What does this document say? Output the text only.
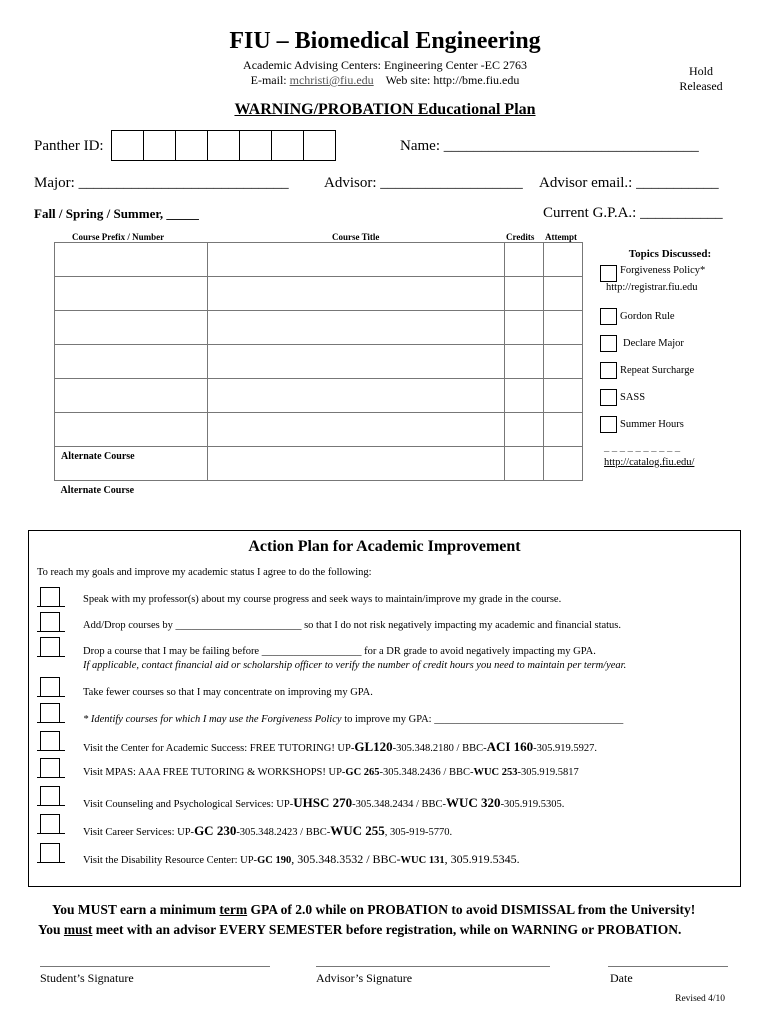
FIU – Biomedical Engineering
Academic Advising Centers: Engineering Center -EC 2763
E-mail: mchristi@fiu.edu Web site: http://bme.fiu.edu
Hold
Released
WARNING/PROBATION Educational Plan
Panther ID:	Name: __________________________________
Major: ____________________________ Advisor: ___________________ Advisor email.: ___________
Fall / Spring / Summer, _____	Current G.P.A.: ___________
Course Prefix / Number	Course Title	Credits Attempt

Alternate Course			
Alternate Course			
Topics Discussed:
Forgiveness Policy*
http://registrar.fiu.edu
Gordon Rule
Declare Major
Repeat Surcharge
SASS
Summer Hours
_ _ _ _ _ _ _ _ _ _
http://catalog.fiu.edu/
Action Plan for Academic Improvement
To reach my goals and improve my academic status I agree to do the following:
Speak with my professor(s) about my course progress and seek ways to maintain/improve my grade in the course.
Add/Drop courses by ________________________ so that I do not risk negatively impacting my academic and financial status.
Drop a course that I may be failing before ___________________ for a DR grade to avoid negatively impacting my GPA.
If applicable, contact financial aid or scholarship officer to verify the number of credit hours you need to maintain per term/year.
Take fewer courses so that I may concentrate on improving my GPA.
* Identify courses for which I may use the Forgiveness Policy to improve my GPA: ____________________________________
Visit the Center for Academic Success: FREE TUTORING! UP-GL120-305.348.2180 / BBC-ACI 160-305.919.5927.
Visit MPAS: AAA FREE TUTORING & WORKSHOPS! UP-GC 265-305.348.2436 / BBC-WUC 253-305.919.5817
Visit Counseling and Psychological Services: UP-UHSC 270-305.348.2434 / BBC-WUC 320-305.919.5305.
Visit Career Services: UP-GC 230-305.348.2423 / BBC-WUC 255, 305-919-5770.
Visit the Disability Resource Center: UP-GC 190, 305.348.3532 / BBC-WUC 131, 305.919.5345.
You MUST earn a minimum term GPA of 2.0 while on PROBATION to avoid DISMISSAL from the University!
You must meet with an advisor EVERY SEMESTER before registration, while on WARNING or PROBATION.
Student’s Signature	Advisor’s Signature	Date
Revised 4/10
